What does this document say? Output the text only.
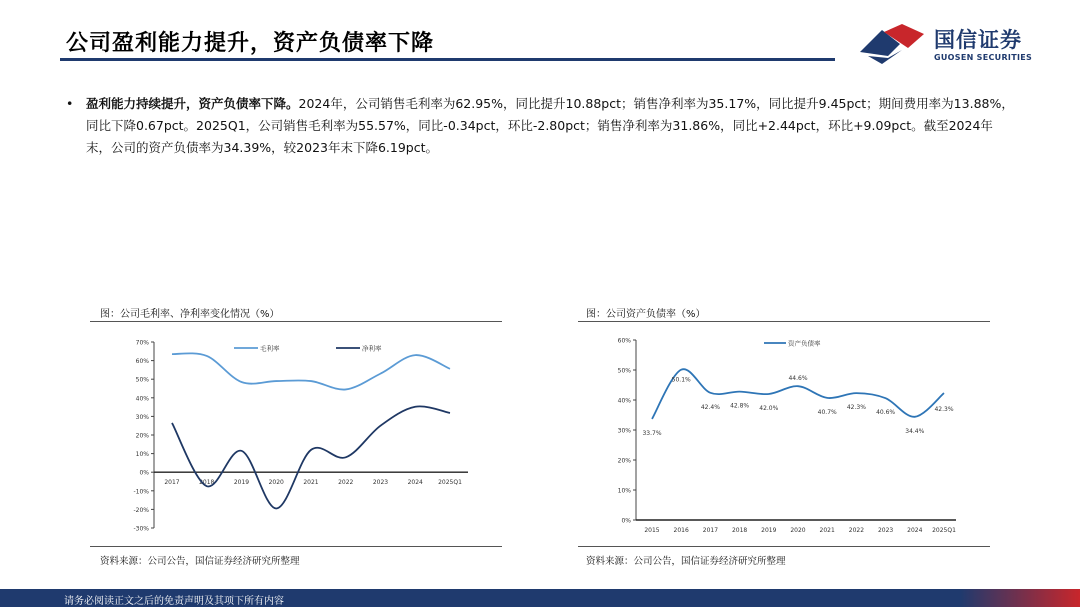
公司盈利能力提升，资产负债率下降	国信证券
GUOSEN SECURITIES
• 盈利能力持续提升，资产负债率下降。2024年，公司销售毛利率为62.95%，同比提升10.88pct；销售净利率为35.17%，同比提升9.45pct；期间费用率为13.88%，同比下降0.67pct。2025Q1，公司销售毛利率为55.57%，同比-0.34pct，环比-2.80pct；销售净利率为31.86%，同比+2.44pct，环比+9.09pct。截至2024年末，公司的资产负债率为34.39%，较2023年末下降6.19pct。
图：公司毛利率、净利率变化情况（%）
70%
60%
50%
40%
30%
20%
10%
0%
-10%
-20%
-30%
2017	2018	2019	2020	2021	2022	2023	2024	2025Q1
毛利率	净利率
资料来源：公司公告，国信证券经济研究所整理
图：公司资产负债率（%）
60%
50%
40%
30%
20%
10%
0%
2015 2016 2017 2018 2019 2020 2021 2022 2023 2024 2025Q1
33.7%
50.1%
42.4% 42.8% 42.0%
44.6%
40.7%
42.3%
40.6%
34.4%
42.3%
资产负债率
资料来源：公司公告，国信证券经济研究所整理
请务必阅读正文之后的免责声明及其项下所有内容
